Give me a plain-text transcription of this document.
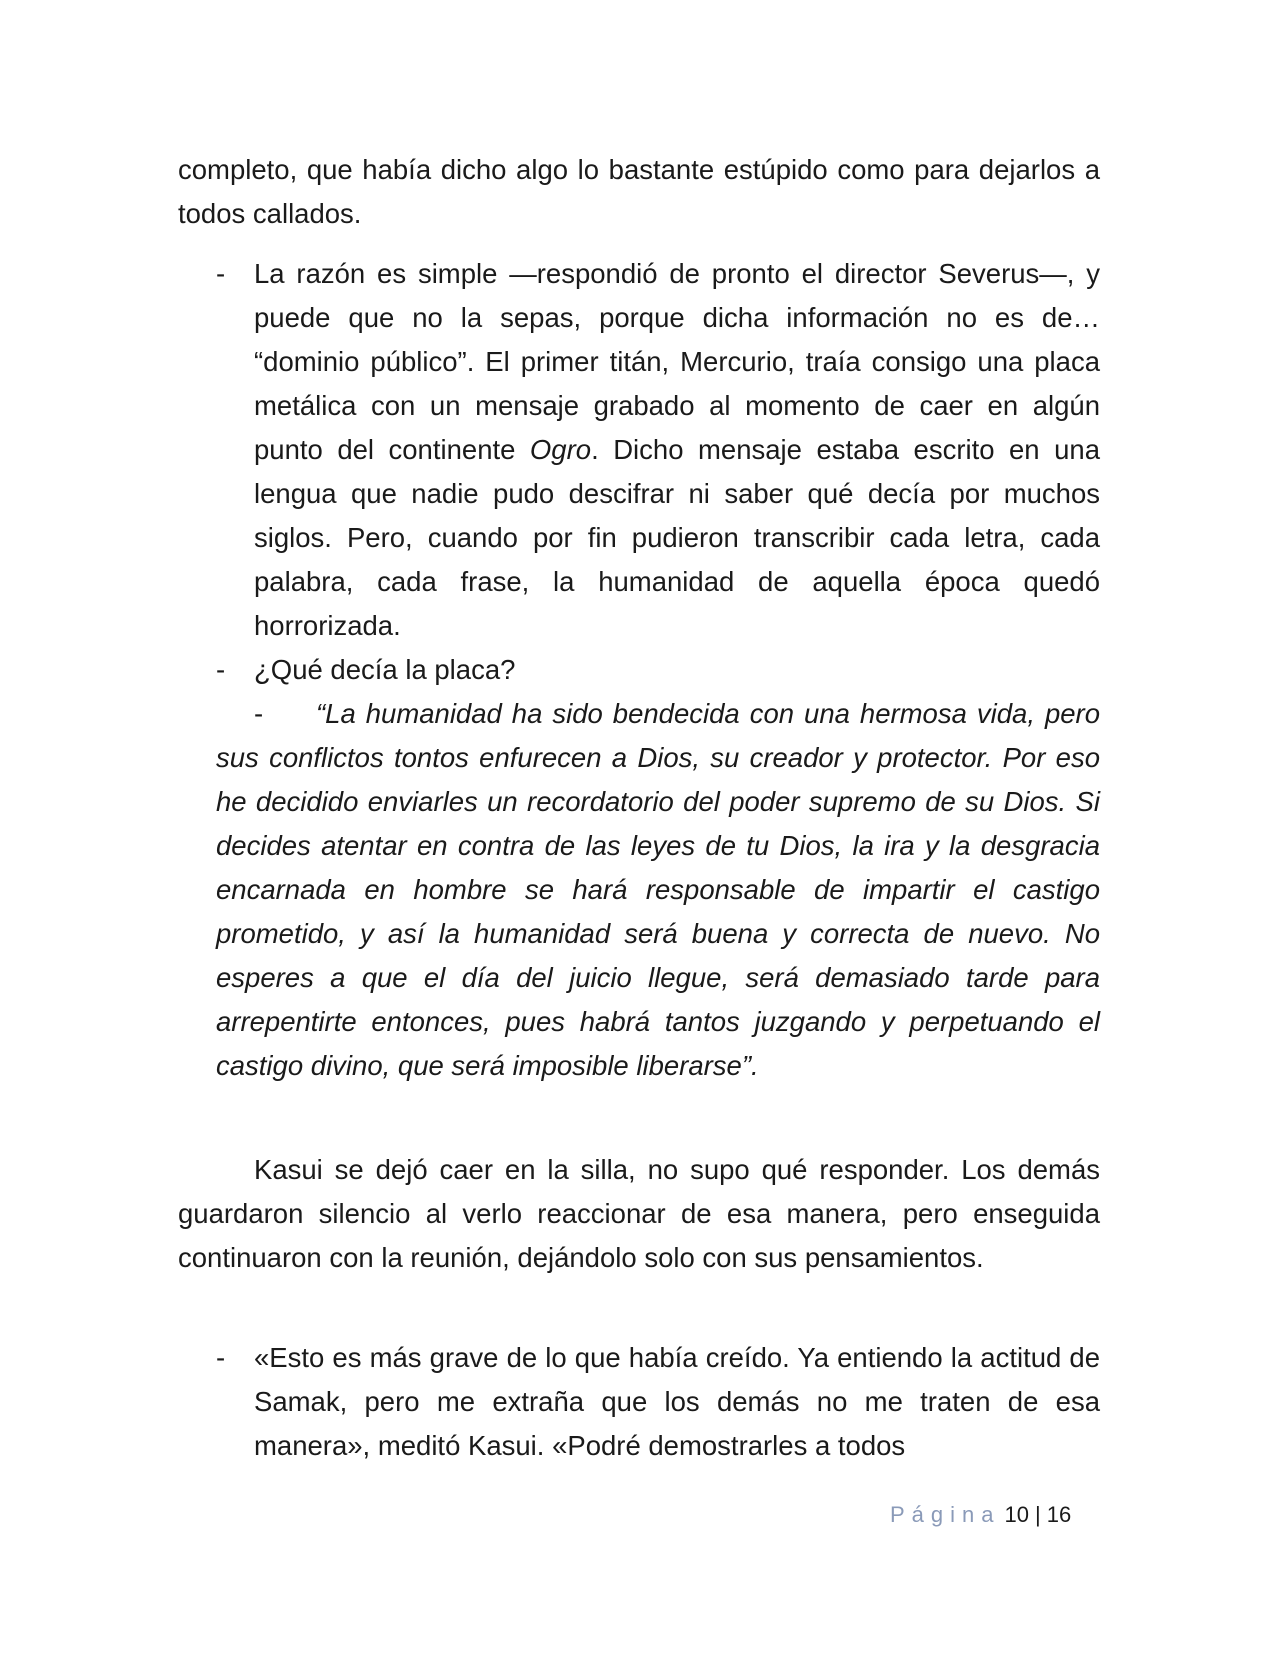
completo, que había dicho algo lo bastante estúpido como para dejarlos a todos callados.

- La razón es simple —respondió de pronto el director Severus—, y puede que no la sepas, porque dicha información no es de… “dominio público”. El primer titán, Mercurio, traía consigo una placa metálica con un mensaje grabado al momento de caer en algún punto del continente Ogro. Dicho mensaje estaba escrito en una lengua que nadie pudo descifrar ni saber qué decía por muchos siglos. Pero, cuando por fin pudieron transcribir cada letra, cada palabra, cada frase, la humanidad de aquella época quedó horrorizada.
- ¿Qué decía la placa?
- “La humanidad ha sido bendecida con una hermosa vida, pero sus conflictos tontos enfurecen a Dios, su creador y protector. Por eso he decidido enviarles un recordatorio del poder supremo de su Dios. Si decides atentar en contra de las leyes de tu Dios, la ira y la desgracia encarnada en hombre se hará responsable de impartir el castigo prometido, y así la humanidad será buena y correcta de nuevo. No esperes a que el día del juicio llegue, será demasiado tarde para arrepentirte entonces, pues habrá tantos juzgando y perpetuando el castigo divino, que será imposible liberarse”.

Kasui se dejó caer en la silla, no supo qué responder. Los demás guardaron silencio al verlo reaccionar de esa manera, pero enseguida continuaron con la reunión, dejándolo solo con sus pensamientos.

- «Esto es más grave de lo que había creído. Ya entiendo la actitud de Samak, pero me extraña que los demás no me traten de esa manera», meditó Kasui. «Podré demostrarles a todos
Página 10 | 16
